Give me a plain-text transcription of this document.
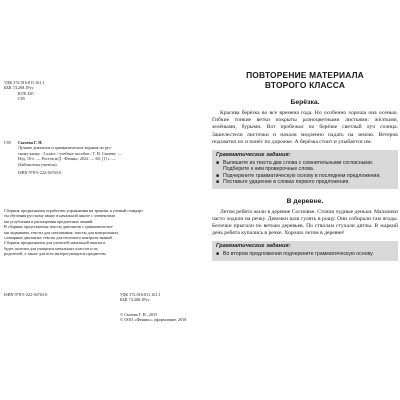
УДК 372.016:811.161.1
ББК 74.268.1Рус
КТК 430
С95
С95	Сычева Г. Н.
Лучшие диктанты и грамматические задания по рус-
скому языку : 3 класс / учебное пособие / Г. Н. Сычева. —
Изд. 10-е. — Ростов н/Д : Феникс, 2022. — 60, [1] с. —
(Библиотека учителя).
ISBN 978-5-222-36763-6
Сборник предназначен отработать упражнения на тренинг и ученый стандарт
ты обучения русскому языку в начальной школе с элементами
ми углубления и расширения предметных знаний.
В сборник представлены тексты диктантов с грамматически-
ми заданиями, тексты для списывания, тексты для контрольных,
словарные диктанты; тексты для итогового контроля знаний.
Сборник предназначен для учителей начальной школы и
будет полезен для учащихся начальных классов и их
родителей, а также для всех интересующихся предметом.
ISBN 978-5-222-36763-6	УДК 372.016:811.161.1
ББК 74.268.1Рус
© Сычева Г. Н., 2015
© ООО «Феникс», оформление, 2018
ПОВТОРЕНИЕ МАТЕРИАЛА
ВТОРОГО КЛАССА
Берёзка.
Красива берёзка во все времена года. Но особенно хороша она осенью. Гибкие тонкие ветки покрыты разноцветными листьями: жёлтыми, зелёными, бурыми. Вот пробежал по берёзке светлый луч солнца. Зашелестели листочки и начали медленно падать на землю. Ветерок подхватил их и понёс по дорожке. А берёзка стоит и улыбается им.
Грамматические задания:
■ Выпишите из текста два слова с сомнительными согласными. Подберите к ним проверочные слова.
■ Подчеркните грамматическую основу в последнем предложении.
■ Поставьте ударение в словах первого предложения.
В деревне.
Летом ребята жили в деревне Сосновке. Стояли чудные деньки. Мальчики часто ходили на речку. Девочки шли гулять в рощу. Они собирали там ягоды. Белочки прыгали по веткам деревьев. По стволам стучали дятлы. В жаркий день ребята купались в речке. Хорошо летом в деревне!
Грамматические задания:
■ Во втором предложении подчеркните грамматическую основу.
